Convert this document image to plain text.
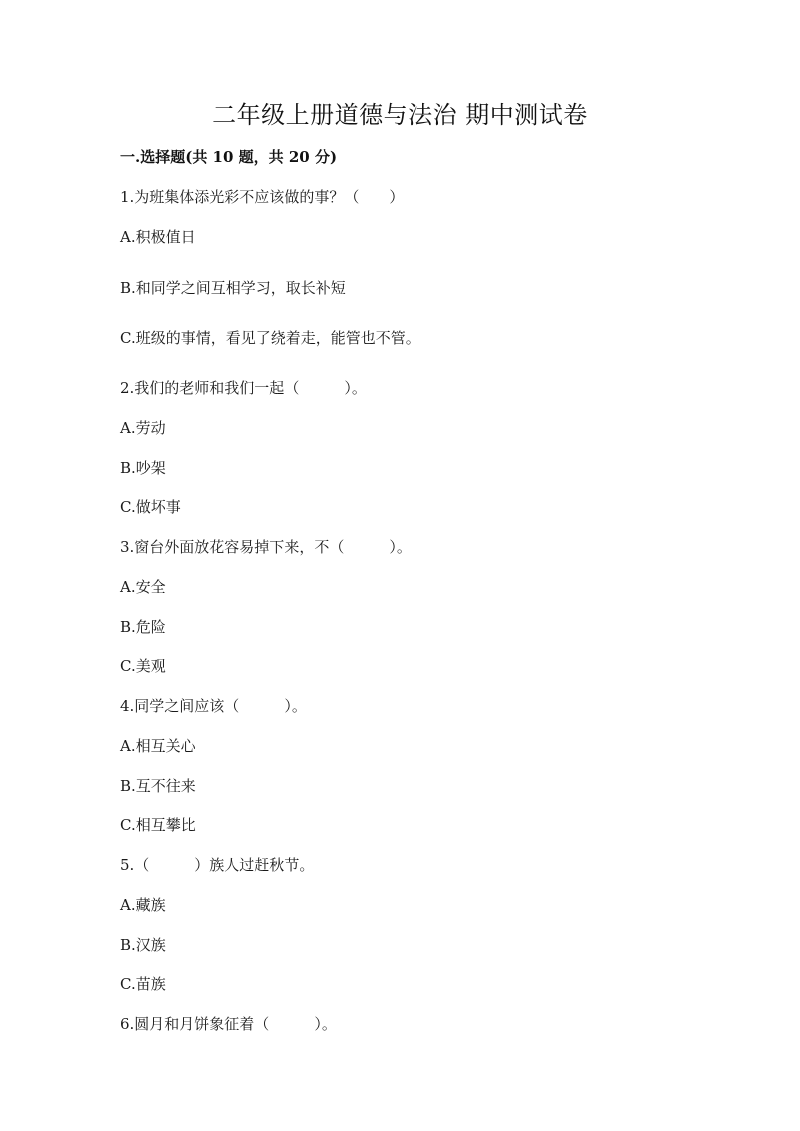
二年级上册道德与法治 期中测试卷
一.选择题(共 10 题，共 20 分)
1.为班集体添光彩不应该做的事？（　　）
A.积极值日
B.和同学之间互相学习，取长补短
C.班级的事情，看见了绕着走，能管也不管。
2.我们的老师和我们一起（　　　）。
A.劳动
B.吵架
C.做坏事
3.窗台外面放花容易掉下来，不（　　　）。
A.安全
B.危险
C.美观
4.同学之间应该（　　　）。
A.相互关心
B.互不往来
C.相互攀比
5.（　　　）族人过赶秋节。
A.藏族
B.汉族
C.苗族
6.圆月和月饼象征着（　　　）。
